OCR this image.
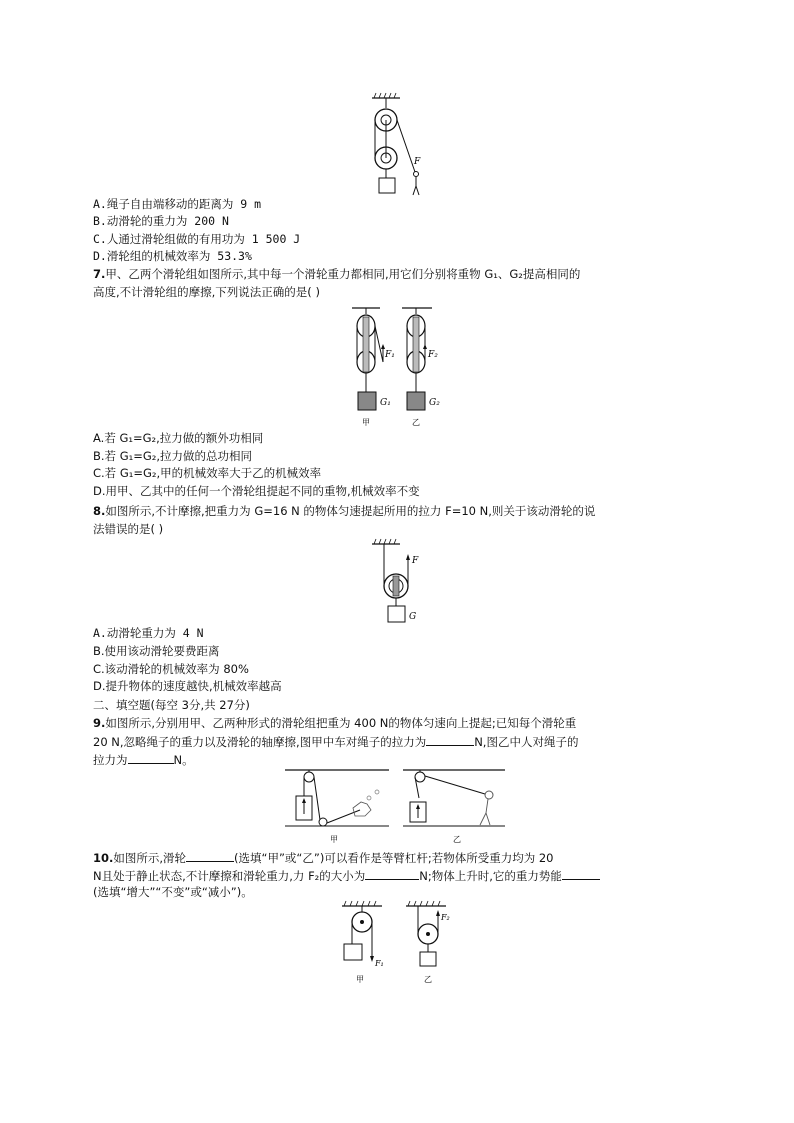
F
A.绳子自由端移动的距离为 9 m
B.动滑轮的重力为 200 N
C.人通过滑轮组做的有用功为 1 500 J
D.滑轮组的机械效率为 53.3%
7.甲、乙两个滑轮组如图所示,其中每一个滑轮重力都相同,用它们分别将重物 G₁、G₂提高相同的
高度,不计滑轮组的摩擦,下列说法正确的是( )
F₁
G₁
F₂
G₂
甲	乙
A.若 G₁=G₂,拉力做的额外功相同
B.若 G₁=G₂,拉力做的总功相同
C.若 G₁=G₂,甲的机械效率大于乙的机械效率
D.用甲、乙其中的任何一个滑轮组提起不同的重物,机械效率不变
8.如图所示,不计摩擦,把重力为 G=16 N 的物体匀速提起所用的拉力 F=10 N,则关于该动滑轮的说
法错误的是( )
F
G
A.动滑轮重力为 4 N
B.使用该动滑轮要费距离
C.该动滑轮的机械效率为 80%
D.提升物体的速度越快,机械效率越高
二、填空题(每空 3分,共 27分)
9.如图所示,分别用甲、乙两种形式的滑轮组把重为 400 N的物体匀速向上提起;已知每个滑轮重
20 N,忽略绳子的重力以及滑轮的轴摩擦,图甲中车对绳子的拉力为	N,图乙中人对绳子的
拉力为	N。
甲	乙
10.如图所示,滑轮	(选填“甲”或“乙”)可以看作是等臂杠杆;若物体所受重力均为 20
N且处于静止状态,不计摩擦和滑轮重力,力 F₂的大小为	N;物体上升时,它的重力势能
(选填“增大”“不变”或“减小”)。
F₁
甲
F₂
乙
